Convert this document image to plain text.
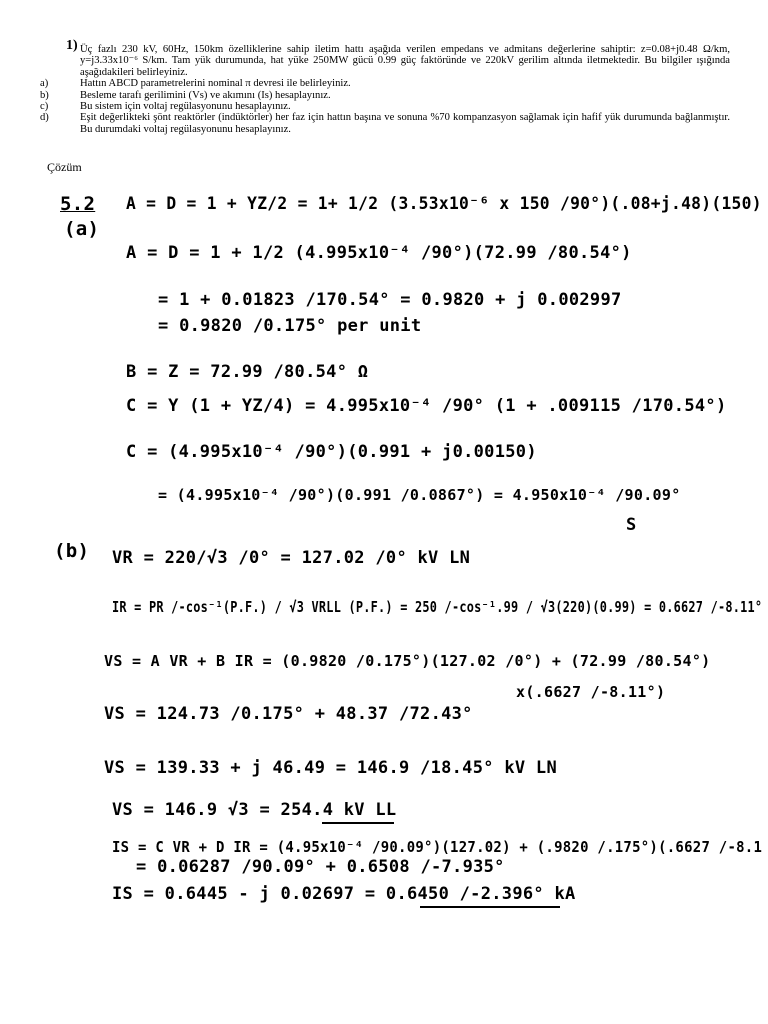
1) Üç fazlı 230 kV, 60Hz, 150km özelliklerine sahip iletim hattı aşağıda verilen empedans ve admitans değerlerine sahiptir: z=0.08+j0.48 Ω/km, y=j3.33x10⁻⁶ S/km. Tam yük durumunda, hat yüke 250MW gücü 0.99 güç faktöründe ve 220kV gerilim altında iletmektedir. Bu bilgiler ışığında aşağıdakileri belirleyiniz.
a)	Hattın ABCD parametrelerini nominal π devresi ile belirleyiniz.
b)	Besleme tarafı gerilimini (Vs) ve akımını (Is) hesaplayınız.
c)	Bu sistem için voltaj regülasyonunu hesaplayınız.
d)	Eşit değerlikteki şönt reaktörler (indüktörler) her faz için hattın başına ve sonuna %70 kompanzasyon sağlamak için hafif yük durumunda bağlanmıştır. Bu durumdaki voltaj regülasyonunu hesaplayınız.
Çözüm
5.2
(a)
A = D = 1 + YZ/2 = 1+ 1/2 (3.53x10⁻⁶ x 150 /90°)(.08+j.48)(150)
A = D = 1 + 1/2 (4.995x10⁻⁴ /90°)(72.99 /80.54°)
= 1 + 0.01823 /170.54° = 0.9820 + j 0.002997
= 0.9820 /0.175° per unit
B = Z = 72.99 /80.54° Ω
C = Y (1 + YZ/4) = 4.995x10⁻⁴ /90° (1 + .009115 /170.54°)
C = (4.995x10⁻⁴ /90°)(0.991 + j0.00150)
= (4.995x10⁻⁴ /90°)(0.991 /0.0867°) = 4.950x10⁻⁴ /90.09°
S
(b) VR = 220/√3 /0° = 127.02 /0° kV LN
IR = PR /-cos⁻¹(P.F.) / √3 VRLL (P.F.) = 250 /-cos⁻¹.99 / √3(220)(0.99) = 0.6627 /-8.11°
VS = A VR + B IR = (0.9820 /0.175°)(127.02 /0°) + (72.99 /80.54°)
x(.6627 /-8.11°)
VS = 124.73 /0.175° + 48.37 /72.43°
VS = 139.33 + j 46.49 = 146.9 /18.45° kV LN
VS = 146.9 √3 = 254.4 kV LL
IS = C VR + D IR = (4.95x10⁻⁴ /90.09°)(127.02) + (.9820 /.175°)(.6627 /-8.1
= 0.06287 /90.09° + 0.6508 /-7.935°
IS = 0.6445 - j 0.02697 = 0.6450 /-2.396° kA
